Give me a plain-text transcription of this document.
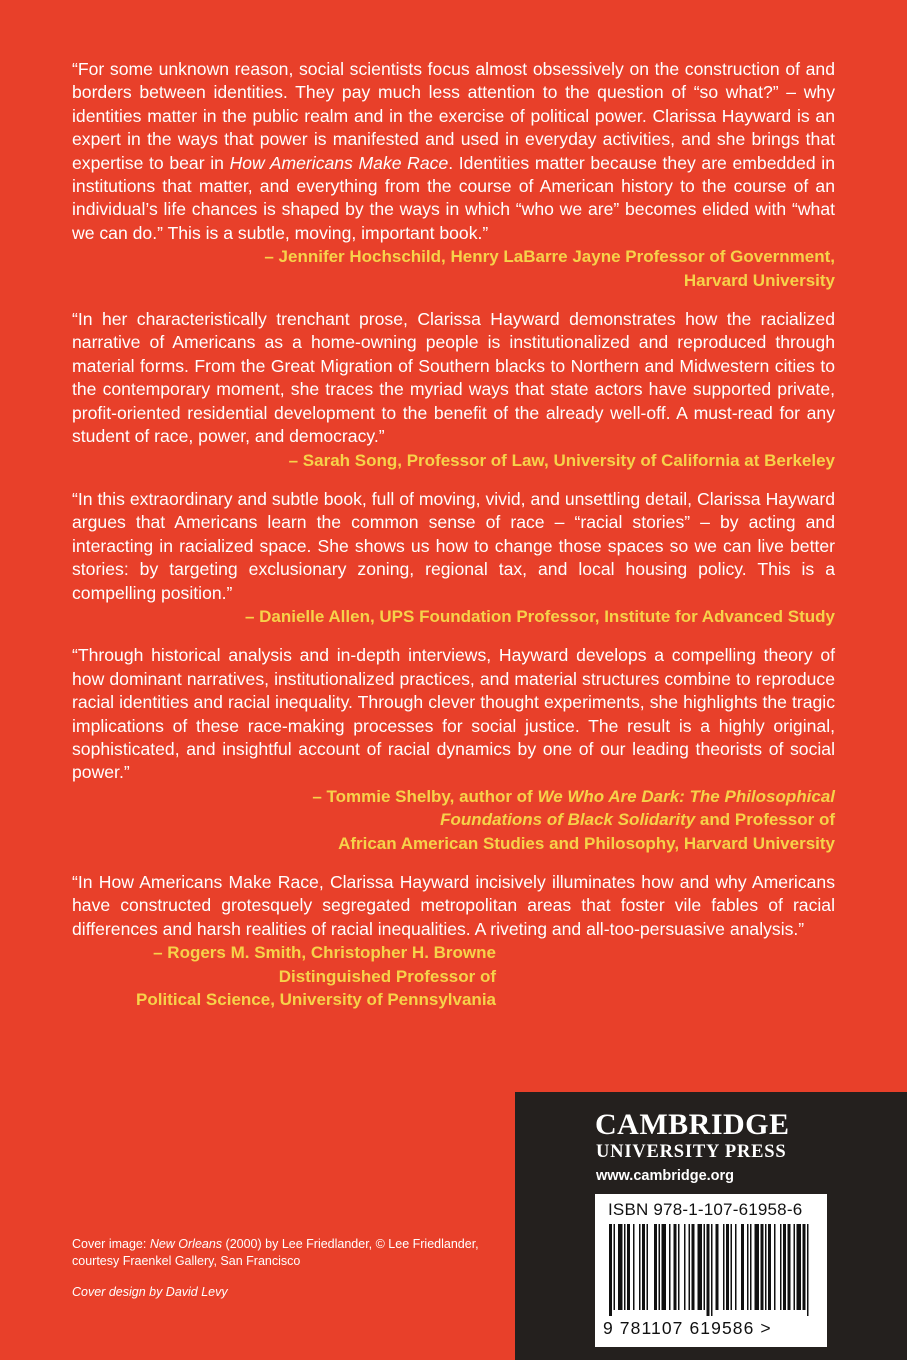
“For some unknown reason, social scientists focus almost obsessively on the construction of and borders between identities. They pay much less attention to the question of “so what?” – why identities matter in the public realm and in the exercise of political power. Clarissa Hayward is an expert in the ways that power is manifested and used in everyday activities, and she brings that expertise to bear in How Americans Make Race. Identities matter because they are embedded in institutions that matter, and everything from the course of American history to the course of an individual’s life chances is shaped by the ways in which “who we are” becomes elided with “what we can do.” This is a subtle, moving, important book.”

– Jennifer Hochschild, Henry LaBarre Jayne Professor of Government,

Harvard University

“In her characteristically trenchant prose, Clarissa Hayward demonstrates how the racialized narrative of Americans as a home-owning people is institutionalized and reproduced through material forms. From the Great Migration of Southern blacks to Northern and Midwestern cities to the contemporary moment, she traces the myriad ways that state actors have supported private, profit-oriented residential development to the benefit of the already well-off. A must-read for any student of race, power, and democracy.”

– Sarah Song, Professor of Law, University of California at Berkeley

“In this extraordinary and subtle book, full of moving, vivid, and unsettling detail, Clarissa Hayward argues that Americans learn the common sense of race – “racial stories” – by acting and interacting in racialized space. She shows us how to change those spaces so we can live better stories: by targeting exclusionary zoning, regional tax, and local housing policy. This is a compelling position.”

– Danielle Allen, UPS Foundation Professor, Institute for Advanced Study

“Through historical analysis and in-depth interviews, Hayward develops a compelling theory of how dominant narratives, institutionalized practices, and material structures combine to reproduce racial identities and racial inequality. Through clever thought experiments, she highlights the tragic implications of these race-making processes for social justice. The result is a highly original, sophisticated, and insightful account of racial dynamics by one of our leading theorists of social power.”

– Tommie Shelby, author of We Who Are Dark: The Philosophical

Foundations of Black Solidarity and Professor of

African American Studies and Philosophy, Harvard University

“In How Americans Make Race, Clarissa Hayward incisively illuminates how and why Americans have constructed grotesquely segregated metropolitan areas that foster vile fables of racial differences and harsh realities of racial inequalities. A riveting and all-too-persuasive analysis.”

– Rogers M. Smith, Christopher H. Browne

Distinguished Professor of

Political Science, University of Pennsylvania

Cover image: New Orleans (2000) by Lee Friedlander, © Lee Friedlander, courtesy Fraenkel Gallery, San Francisco

Cover design by David Levy

CAMBRIDGE

UNIVERSITY PRESS

www.cambridge.org

ISBN 978-1-107-61958-6

9 781107 619586 >
